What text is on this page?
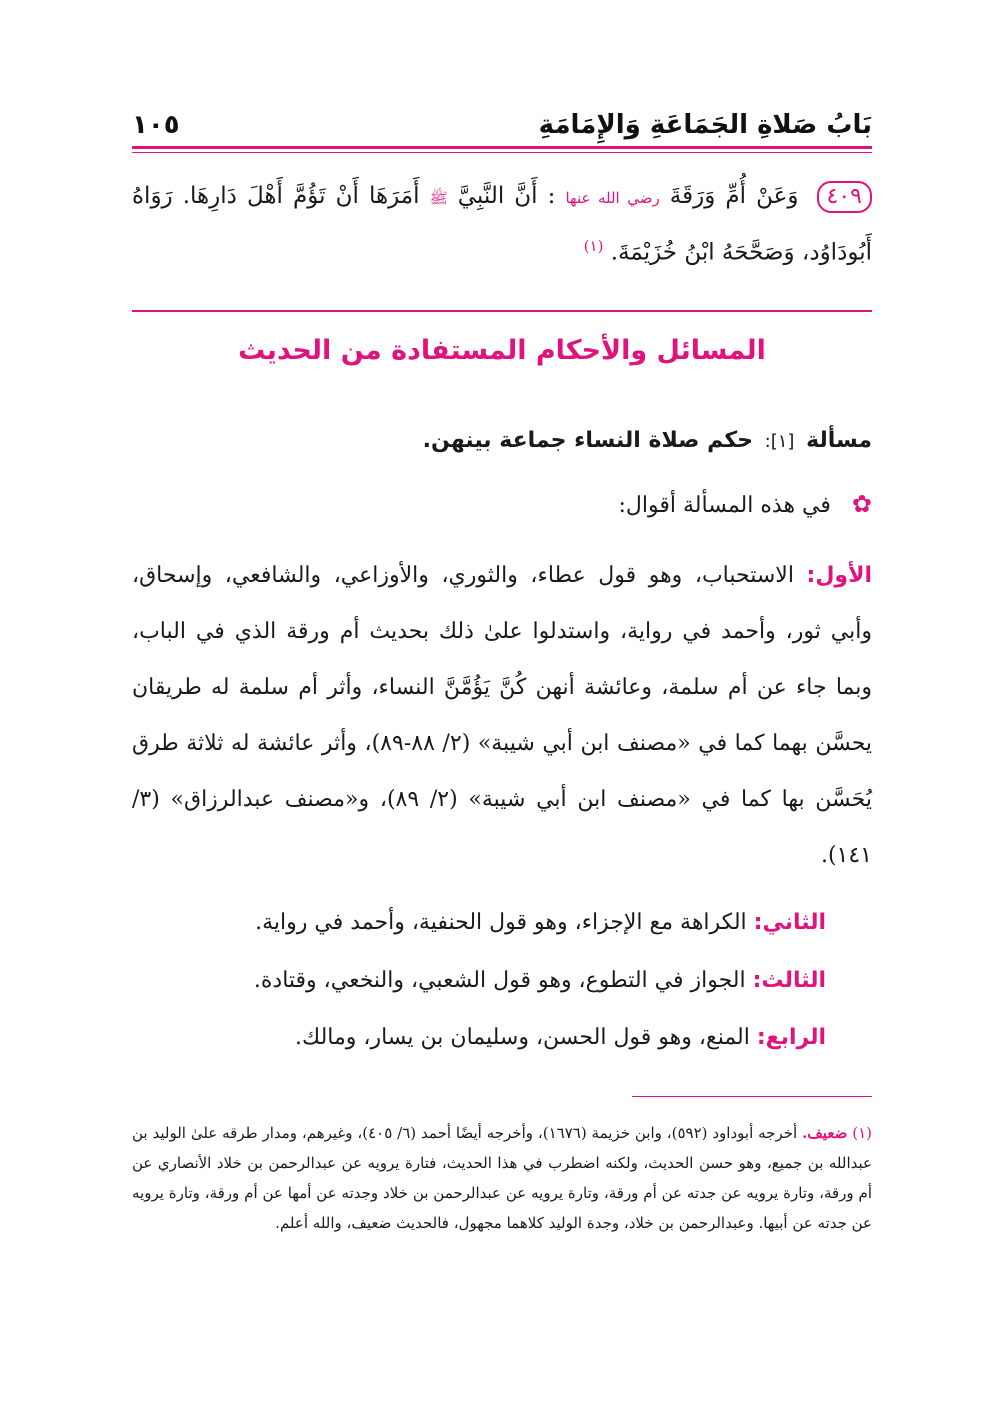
بَابُ صَلاةِ الجَمَاعَةِ وَالإِمَامَةِ
١٠٥
٤٠٩ وَعَنْ أُمِّ وَرَقَةَ رضي الله عنها : أَنَّ النَّبِيَّ ﷺ أَمَرَهَا أَنْ تَؤُمَّ أَهْلَ دَارِهَا. رَوَاهُ أَبُودَاوُد، وَصَحَّحَهُ ابْنُ خُزَيْمَةَ. $^{(١)}$
المسائل والأحكام المستفادة من الحديث
مسألة [١]: حكم صلاة النساء جماعة بينهن.
✿ في هذه المسألة أقوال:
الأول: الاستحباب، وهو قول عطاء، والثوري، والأوزاعي، والشافعي، وإسحاق، وأبي ثور، وأحمد في رواية، واستدلوا علىٰ ذلك بحديث أم ورقة الذي في الباب، وبما جاء عن أم سلمة، وعائشة أنهن كُنَّ يَؤُمَّنَّ النساء، وأثر أم سلمة له طريقان يحسَّن بهما كما في «مصنف ابن أبي شيبة» (٢/ ٨٨-٨٩)، وأثر عائشة له ثلاثة طرق يُحَسَّن بها كما في «مصنف ابن أبي شيبة» (٢/ ٨٩)، و«مصنف عبدالرزاق» (٣/ ١٤١).
الثاني: الكراهة مع الإجزاء، وهو قول الحنفية، وأحمد في رواية.
الثالث: الجواز في التطوع، وهو قول الشعبي، والنخعي، وقتادة.
الرابع: المنع، وهو قول الحسن، وسليمان بن يسار، ومالك.
(١) ضعيف. أخرجه أبوداود (٥٩٢)، وابن خزيمة (١٦٧٦)، وأخرجه أيضًا أحمد (٦/ ٤٠٥)، وغيرهم، ومدار طرقه علىٰ الوليد بن عبدالله بن جميع، وهو حسن الحديث، ولكنه اضطرب في هذا الحديث، فتارة يرويه عن عبدالرحمن بن خلاد الأنصاري عن أم ورقة، وتارة يرويه عن جدته عن أم ورقة، وتارة يرويه عن عبدالرحمن بن خلاد وجدته عن أمها عن أم ورقة، وتارة يرويه عن جدته عن أبيها. وعبدالرحمن بن خلاد، وجدة الوليد كلاهما مجهول، فالحديث ضعيف، والله أعلم.
